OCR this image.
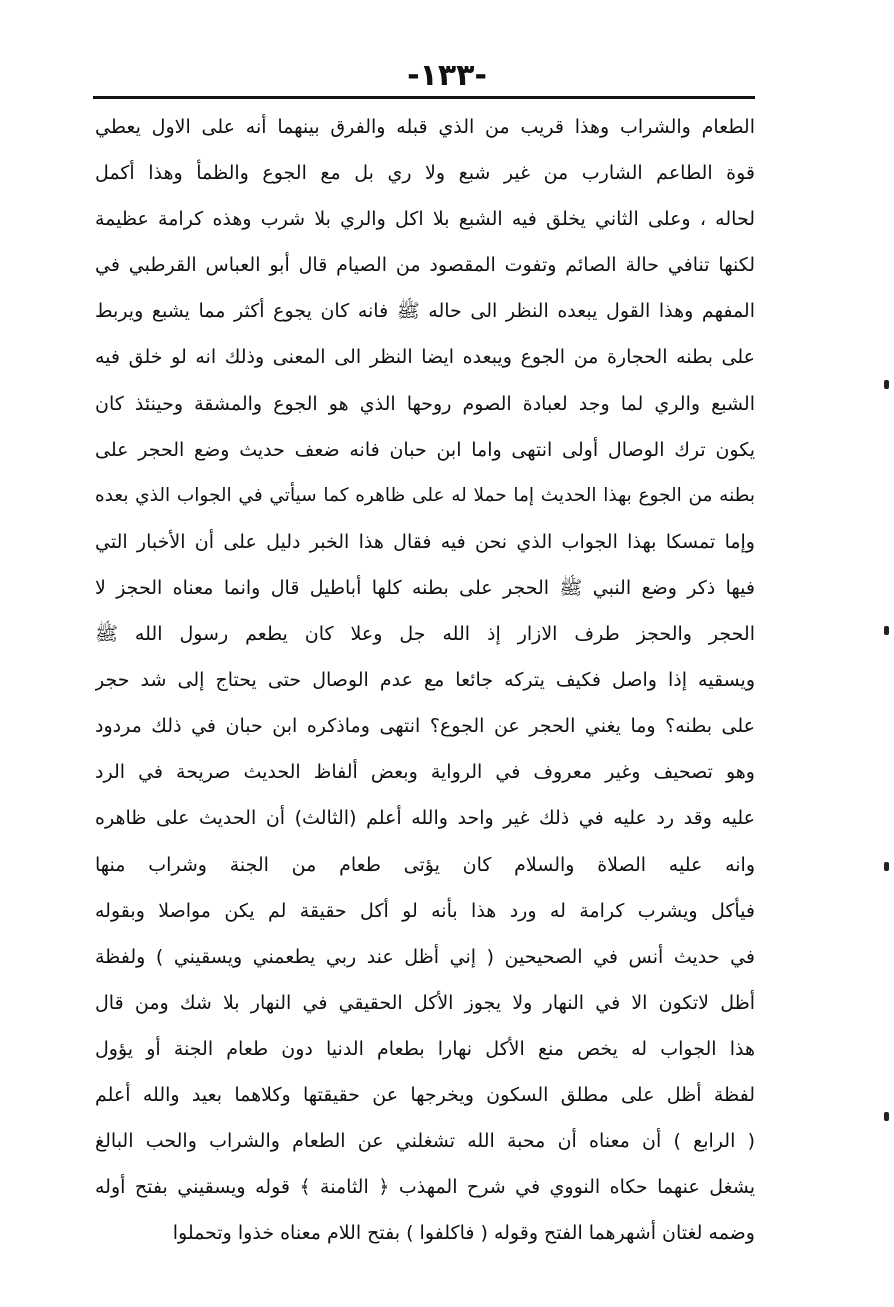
-١٣٣-
الطعام والشراب وهذا قريب من الذي قبله والفرق بينهما أنه على الاول يعطي
قوة الطاعم الشارب من غير شبع ولا ري بل مع الجوع والظمأ وهذا أكمل
لحاله ، وعلى الثاني يخلق فيه الشبع بلا اكل والري بلا شرب وهذه كرامة عظيمة
لكنها تنافي حالة الصائم وتفوت المقصود من الصيام قال أبو العباس القرطبي في
المفهم وهذا القول يبعده النظر الى حاله ﷺ فانه كان يجوع أكثر مما يشبع ويربط
على بطنه الحجارة من الجوع ويبعده ايضا النظر الى المعنى وذلك انه لو خلق فيه
الشبع والري لما وجد لعبادة الصوم روحها الذي هو الجوع والمشقة وحينئذ كان
يكون ترك الوصال أولى انتهى واما ابن حبان فانه ضعف حديث وضع الحجر على
بطنه من الجوع بهذا الحديث إما حملا له على ظاهره كما سيأتي في الجواب الذي بعده
وإما تمسكا بهذا الجواب الذي نحن فيه فقال هذا الخبر دليل على أن الأخبار التي
فيها ذكر وضع النبي ﷺ الحجر على بطنه كلها أباطيل قال وانما معناه الحجز لا
الحجر والحجز طرف الازار إذ الله جل وعلا كان يطعم رسول الله ﷺ
ويسقيه إذا واصل فكيف يتركه جائعا مع عدم الوصال حتى يحتاج إلى شد حجر
على بطنه؟ وما يغني الحجر عن الجوع؟ انتهى وماذكره ابن حبان في ذلك مردود
وهو تصحيف وغير معروف في الرواية وبعض ألفاظ الحديث صريحة في الرد
عليه وقد رد عليه في ذلك غير واحد والله أعلم (الثالث) أن الحديث على ظاهره
وانه عليه الصلاة والسلام كان يؤتى طعام من الجنة وشراب منها
فيأكل ويشرب كرامة له ورد هذا بأنه لو أكل حقيقة لم يكن مواصلا وبقوله
في حديث أنس في الصحيحين ( إني أظل عند ربي يطعمني ويسقيني ) ولفظة
أظل لاتكون الا في النهار ولا يجوز الأكل الحقيقي في النهار بلا شك ومن قال
هذا الجواب له يخص منع الأكل نهارا بطعام الدنيا دون طعام الجنة أو يؤول
لفظة أظل على مطلق السكون ويخرجها عن حقيقتها وكلاهما بعيد والله أعلم
( الرابع ) أن معناه أن محبة الله تشغلني عن الطعام والشراب والحب البالغ
يشغل عنهما حكاه النووي في شرح المهذب ﴿ الثامنة ﴾ قوله ويسقيني بفتح أوله
وضمه لغتان أشهرهما الفتح وقوله ( فاكلفوا ) بفتح اللام معناه خذوا وتحملوا
